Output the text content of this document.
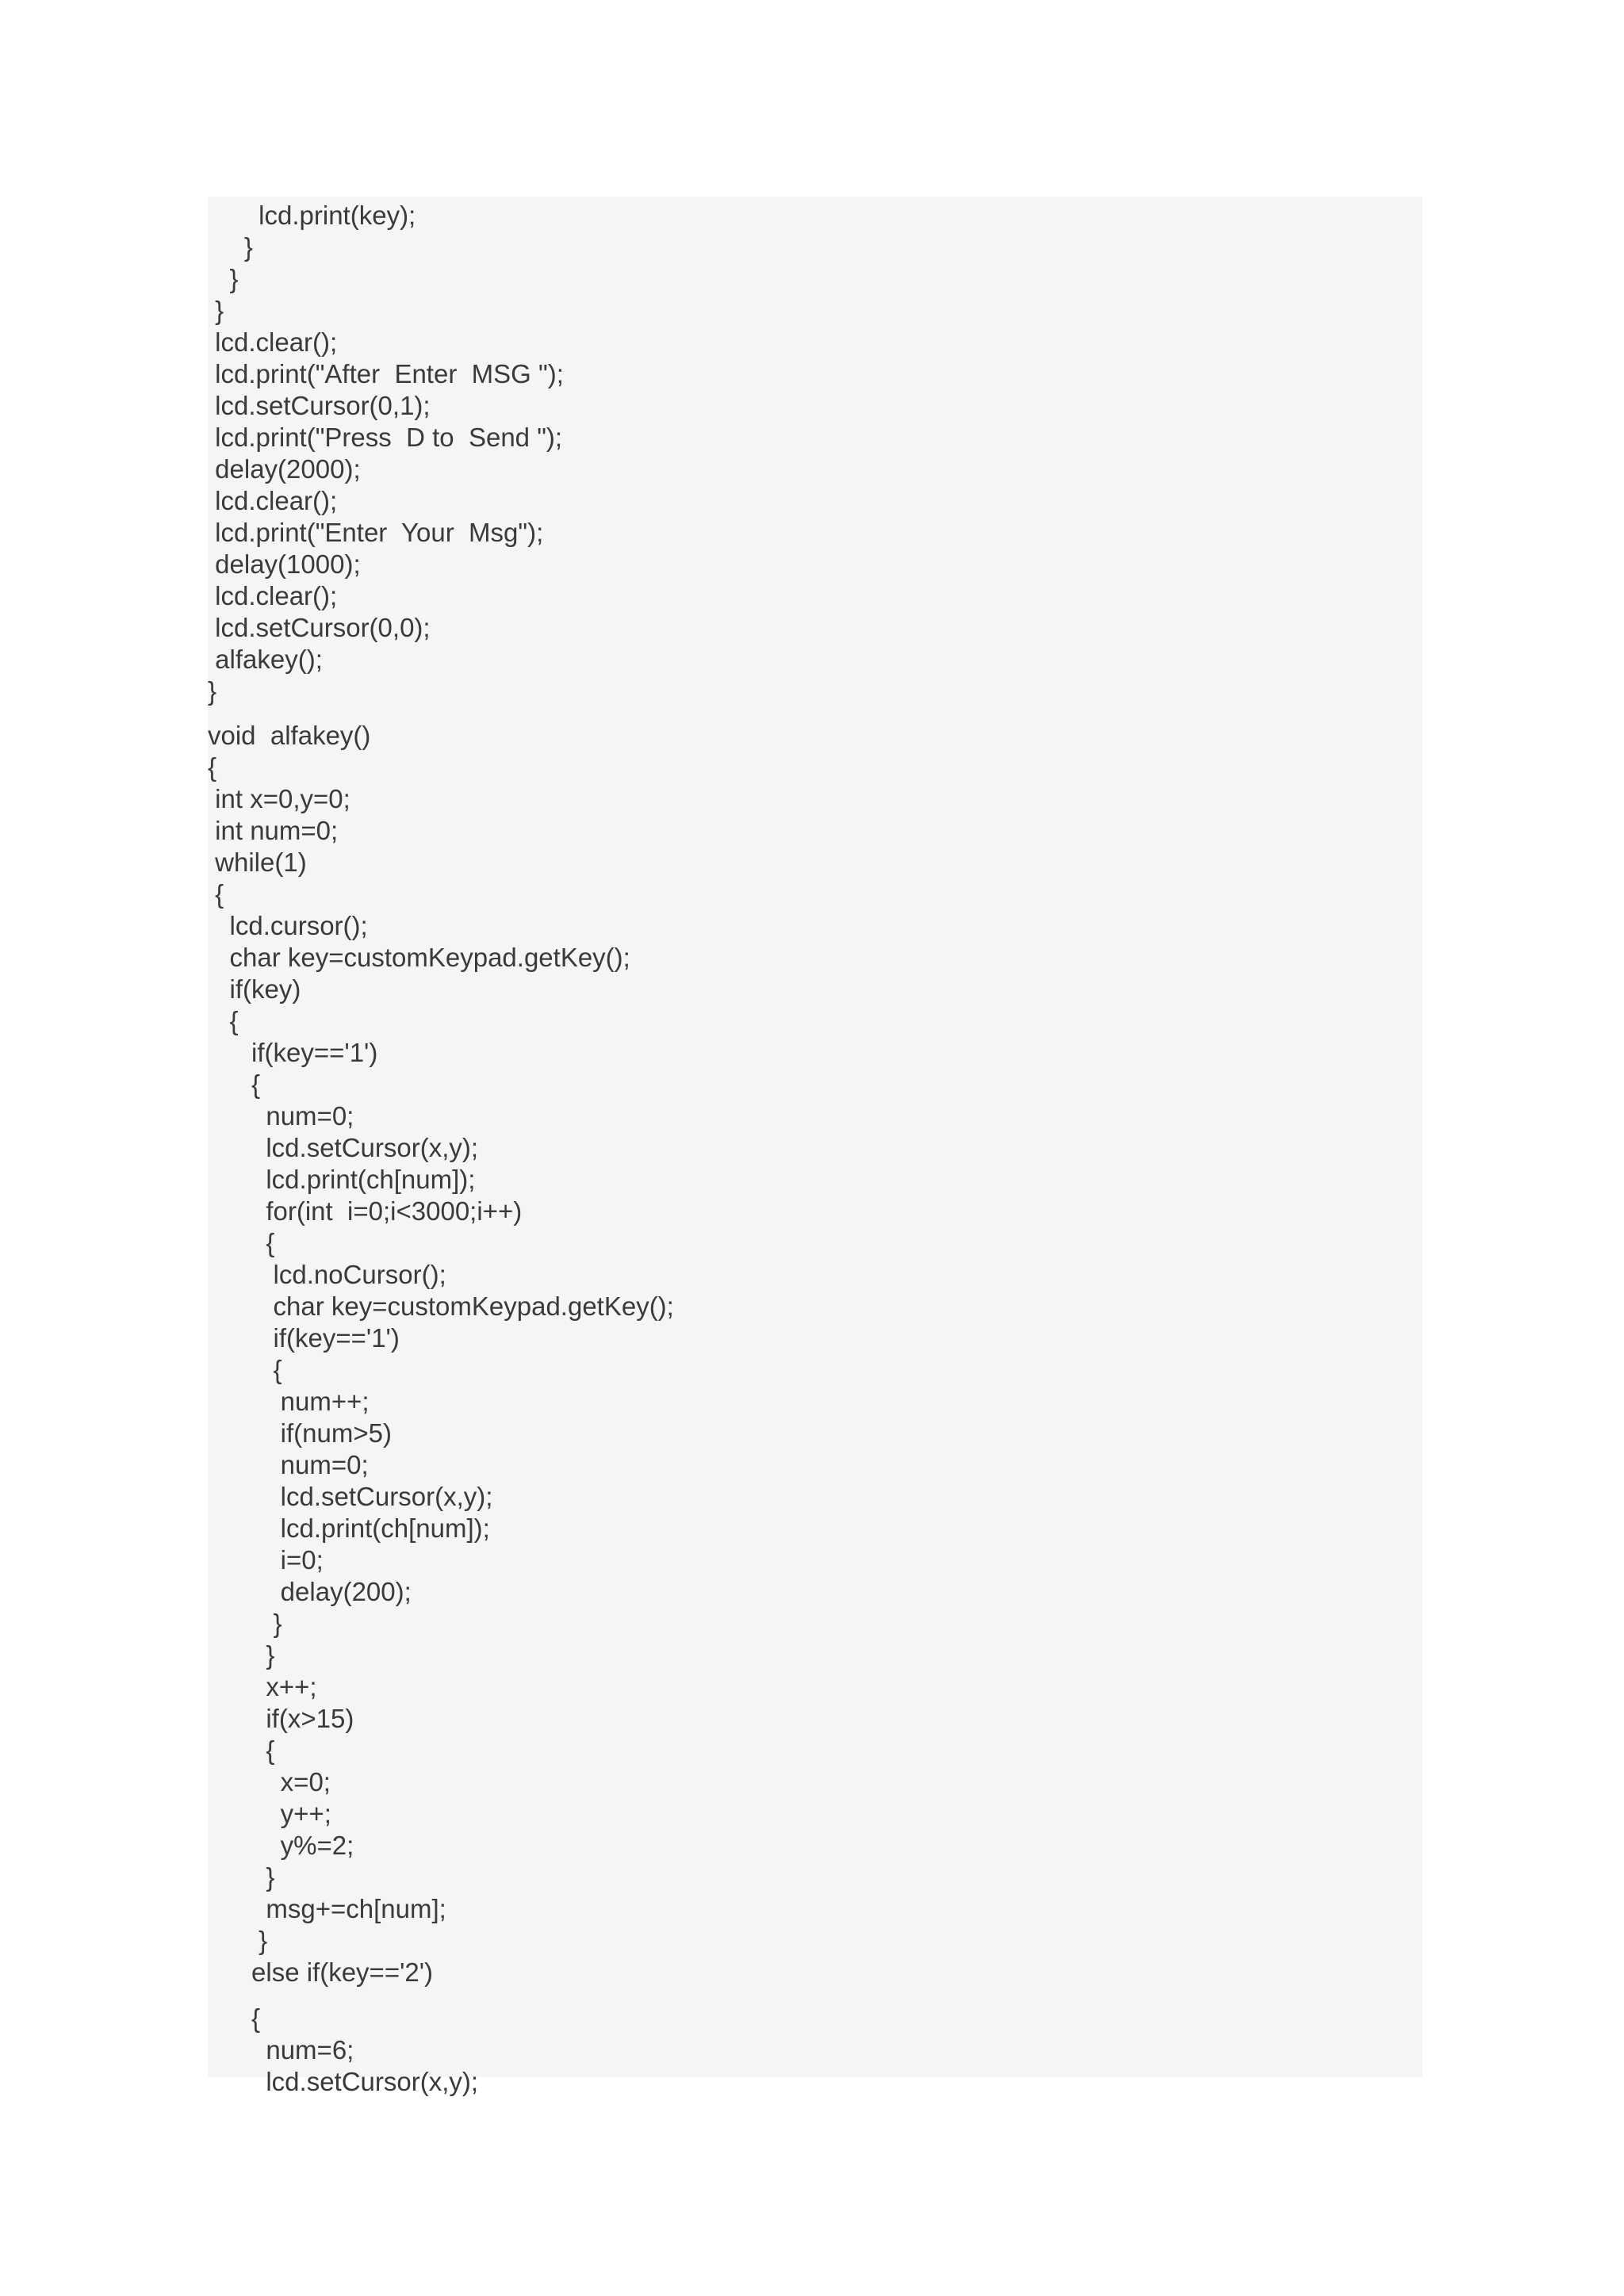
lcd.print(key);

}

}

}

lcd.clear();

lcd.print("After  Enter  MSG ");

lcd.setCursor(0,1);

lcd.print("Press  D to  Send ");

delay(2000);

lcd.clear();

lcd.print("Enter  Your  Msg");

delay(1000);

lcd.clear();

lcd.setCursor(0,0);

alfakey();

}

void  alfakey()

{

int x=0,y=0;

int num=0;

while(1)

{

lcd.cursor();

char key=customKeypad.getKey();

if(key)

{

if(key=='1')

{

num=0;

lcd.setCursor(x,y);

lcd.print(ch[num]);

for(int  i=0;i<3000;i++)

{

lcd.noCursor();

char key=customKeypad.getKey();

if(key=='1')

{

num++;

if(num>5)

num=0;

lcd.setCursor(x,y);

lcd.print(ch[num]);

i=0;

delay(200);

}

}

x++;

if(x>15)

{

x=0;

y++;

y%=2;

}

msg+=ch[num];

}

else if(key=='2')

{

num=6;

lcd.setCursor(x,y);
